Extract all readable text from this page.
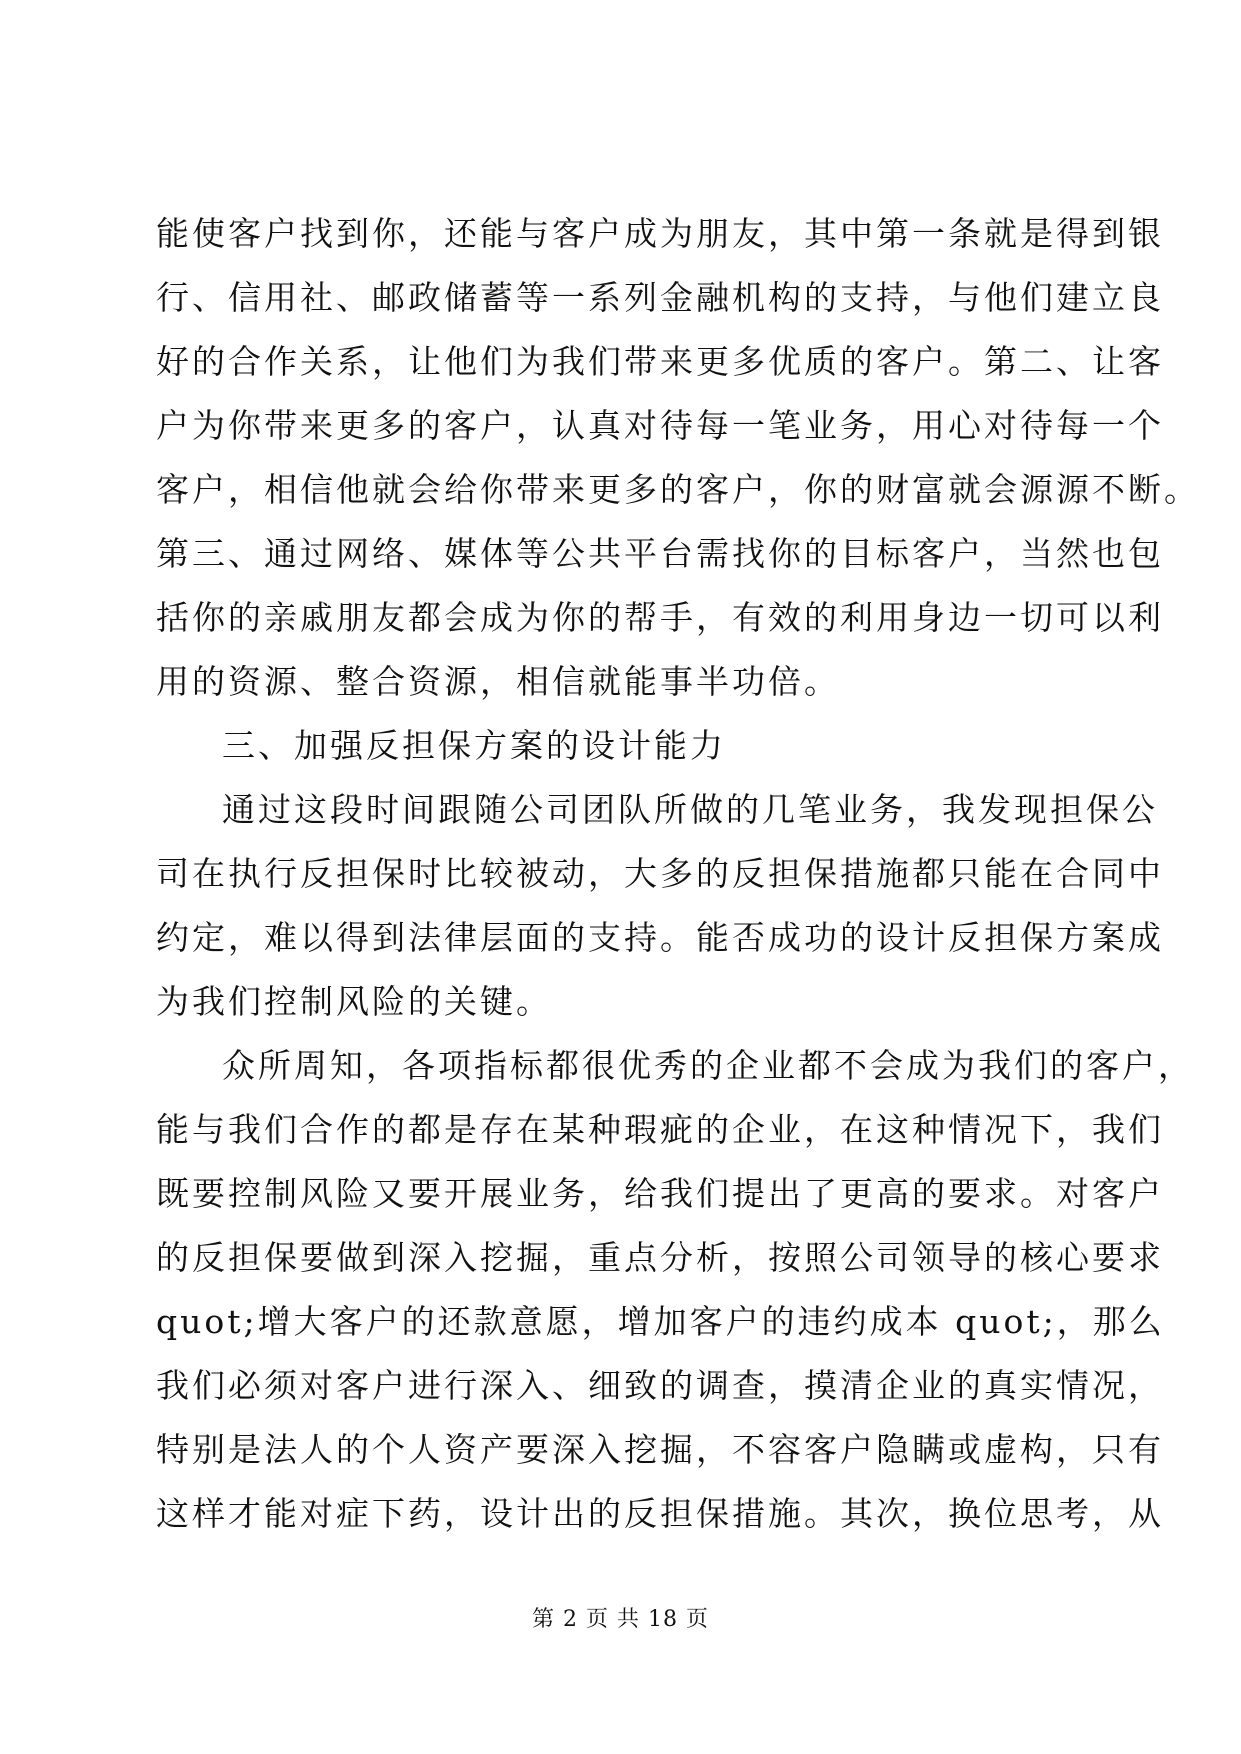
能使客户找到你，还能与客户成为朋友，其中第一条就是得到银
行、信用社、邮政储蓄等一系列金融机构的支持，与他们建立良
好的合作关系，让他们为我们带来更多优质的客户。第二、让客
户为你带来更多的客户，认真对待每一笔业务，用心对待每一个
客户，相信他就会给你带来更多的客户，你的财富就会源源不断。
第三、通过网络、媒体等公共平台需找你的目标客户，当然也包
括你的亲戚朋友都会成为你的帮手，有效的利用身边一切可以利
用的资源、整合资源，相信就能事半功倍。
三、加强反担保方案的设计能力
通过这段时间跟随公司团队所做的几笔业务，我发现担保公
司在执行反担保时比较被动，大多的反担保措施都只能在合同中
约定，难以得到法律层面的支持。能否成功的设计反担保方案成
为我们控制风险的关键。
众所周知，各项指标都很优秀的企业都不会成为我们的客户，
能与我们合作的都是存在某种瑕疵的企业，在这种情况下，我们
既要控制风险又要开展业务，给我们提出了更高的要求。对客户
的反担保要做到深入挖掘，重点分析，按照公司领导的核心要求
quot;增大客户的还款意愿，增加客户的违约成本 quot;，那么
我们必须对客户进行深入、细致的调查，摸清企业的真实情况，
特别是法人的个人资产要深入挖掘，不容客户隐瞒或虚构，只有
这样才能对症下药，设计出的反担保措施。其次，换位思考，从
第 2 页 共 18 页
